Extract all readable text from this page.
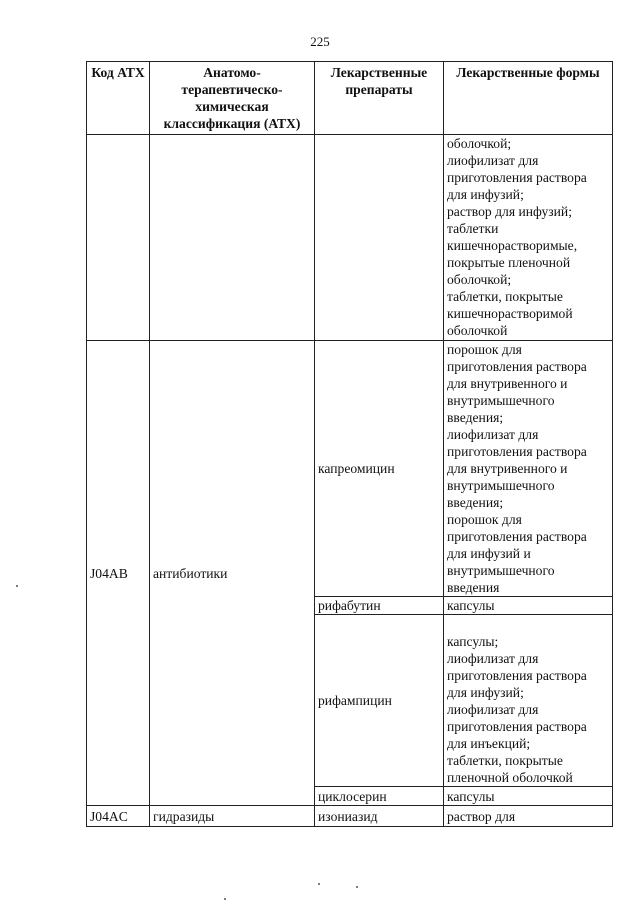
225
Код АТХ	Анатомо-терапевтическо-химическая классификация (АТХ)	Лекарственные препараты	Лекарственные формы
			оболочкой;
лиофилизат для приготовления раствора для инфузий;
раствор для инфузий;
таблетки кишечнорастворимые, покрытые пленочной оболочкой;
таблетки, покрытые кишечнорастворимой оболочкой
J04AB	антибиотики	капреомицин	порошок для приготовления раствора для внутривенного и внутримышечного введения;
лиофилизат для приготовления раствора для внутривенного и внутримышечного введения;
порошок для приготовления раствора для инфузий и внутримышечного введения
		рифабутин	капсулы
		рифампицин	капсулы;
лиофилизат для приготовления раствора для инфузий;
лиофилизат для приготовления раствора для инъекций;
таблетки, покрытые пленочной оболочкой
		циклосерин	капсулы
J04AC	гидразиды	изониазид	раствор для
